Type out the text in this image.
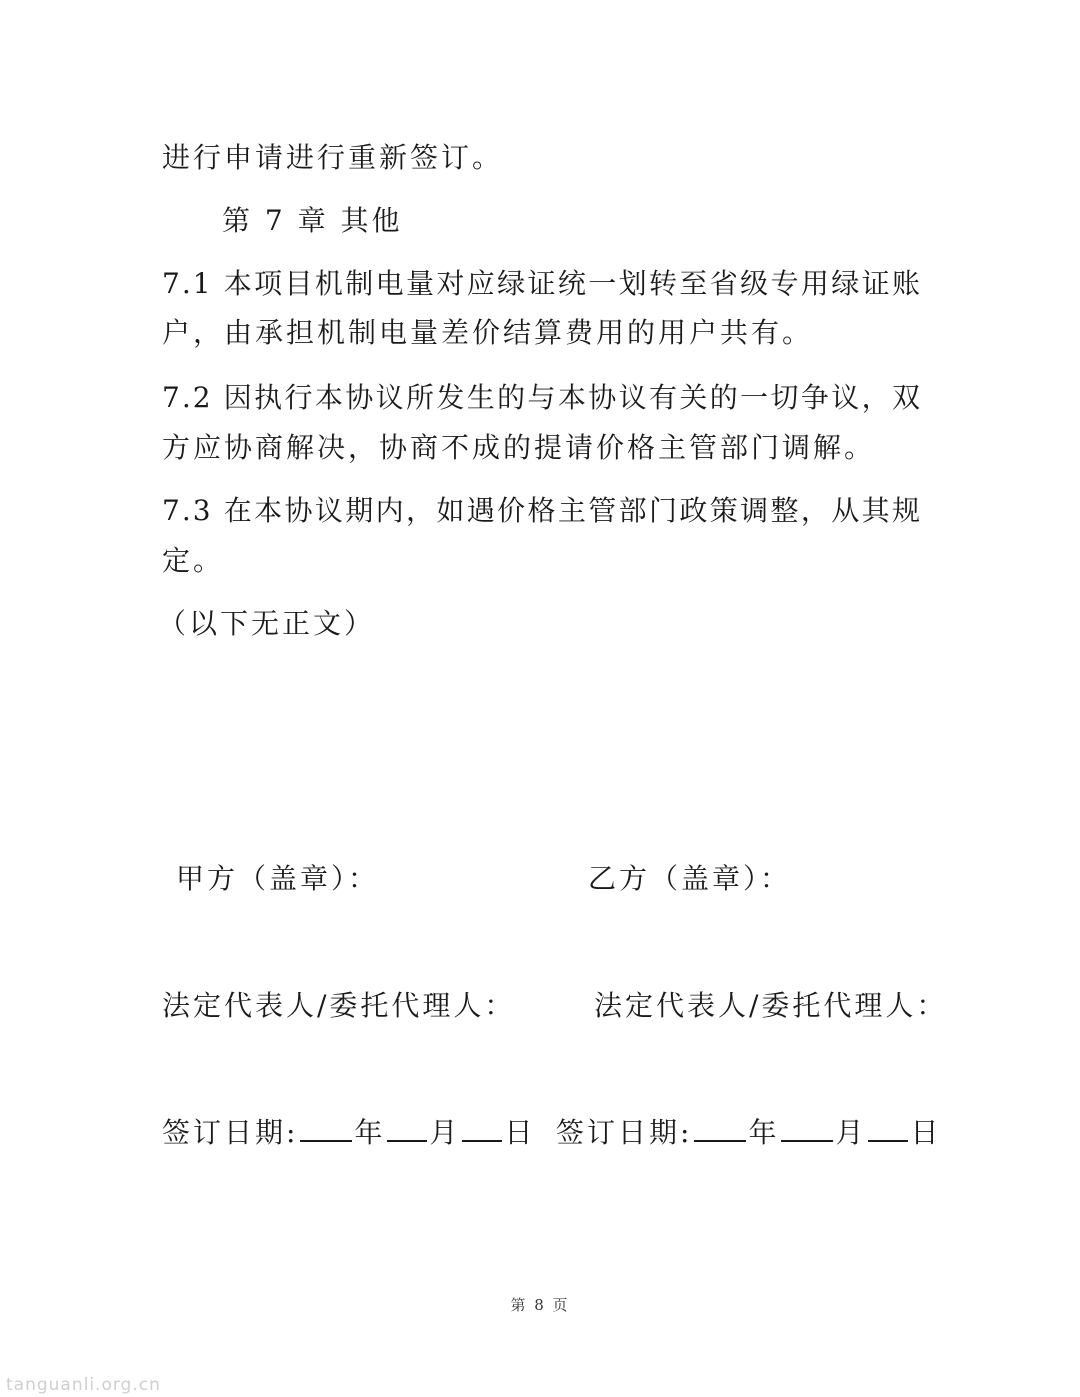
进行申请进行重新签订。
第 7 章 其他
7.1 本项目机制电量对应绿证统一划转至省级专用绿证账
户，由承担机制电量差价结算费用的用户共有。
7.2 因执行本协议所发生的与本协议有关的一切争议，双
方应协商解决，协商不成的提请价格主管部门调解。
7.3 在本协议期内，如遇价格主管部门政策调整，从其规
定。
（以下无正文）
甲方（盖章）：	乙方（盖章）：
法定代表人/委托代理人：	法定代表人/委托代理人：
签订日期: 年 月 日 签订日期: 年 月 日
第 8 页
tanguanli.org.cn
